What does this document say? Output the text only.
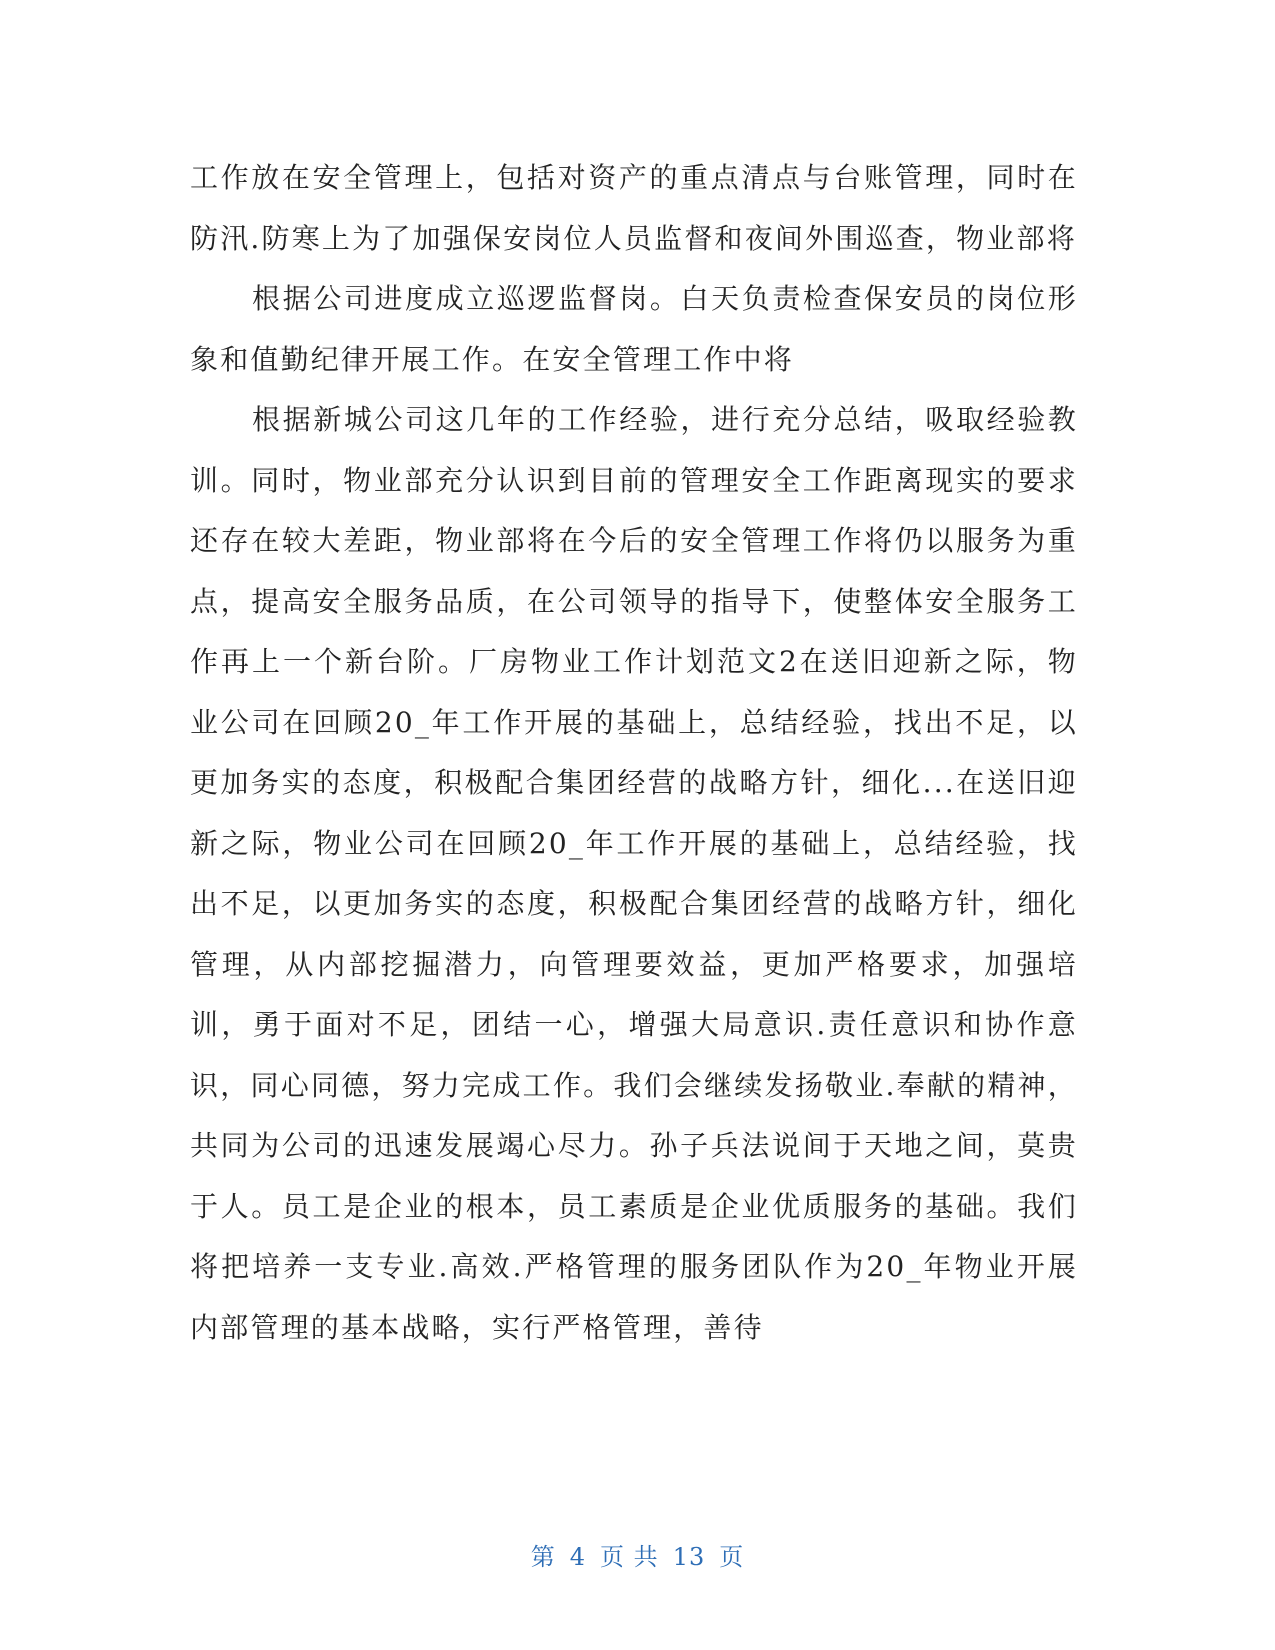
工作放在安全管理上，包括对资产的重点清点与台账管理，同时在防汛.防寒上为了加强保安岗位人员监督和夜间外围巡查，物业部将

根据公司进度成立巡逻监督岗。白天负责检查保安员的岗位形象和值勤纪律开展工作。在安全管理工作中将

根据新城公司这几年的工作经验，进行充分总结，吸取经验教训。同时，物业部充分认识到目前的管理安全工作距离现实的要求还存在较大差距，物业部将在今后的安全管理工作将仍以服务为重点，提高安全服务品质，在公司领导的指导下，使整体安全服务工作再上一个新台阶。厂房物业工作计划范文2在送旧迎新之际，物业公司在回顾20_年工作开展的基础上，总结经验，找出不足，以更加务实的态度，积极配合集团经营的战略方针，细化...在送旧迎新之际，物业公司在回顾20_年工作开展的基础上，总结经验，找出不足，以更加务实的态度，积极配合集团经营的战略方针，细化管理，从内部挖掘潜力，向管理要效益，更加严格要求，加强培训，勇于面对不足，团结一心，增强大局意识.责任意识和协作意识，同心同德，努力完成工作。我们会继续发扬敬业.奉献的精神，共同为公司的迅速发展竭心尽力。孙子兵法说间于天地之间，莫贵于人。员工是企业的根本，员工素质是企业优质服务的基础。我们将把培养一支专业.高效.严格管理的服务团队作为20_年物业开展内部管理的基本战略，实行严格管理，善待

第 4 页 共 13 页
